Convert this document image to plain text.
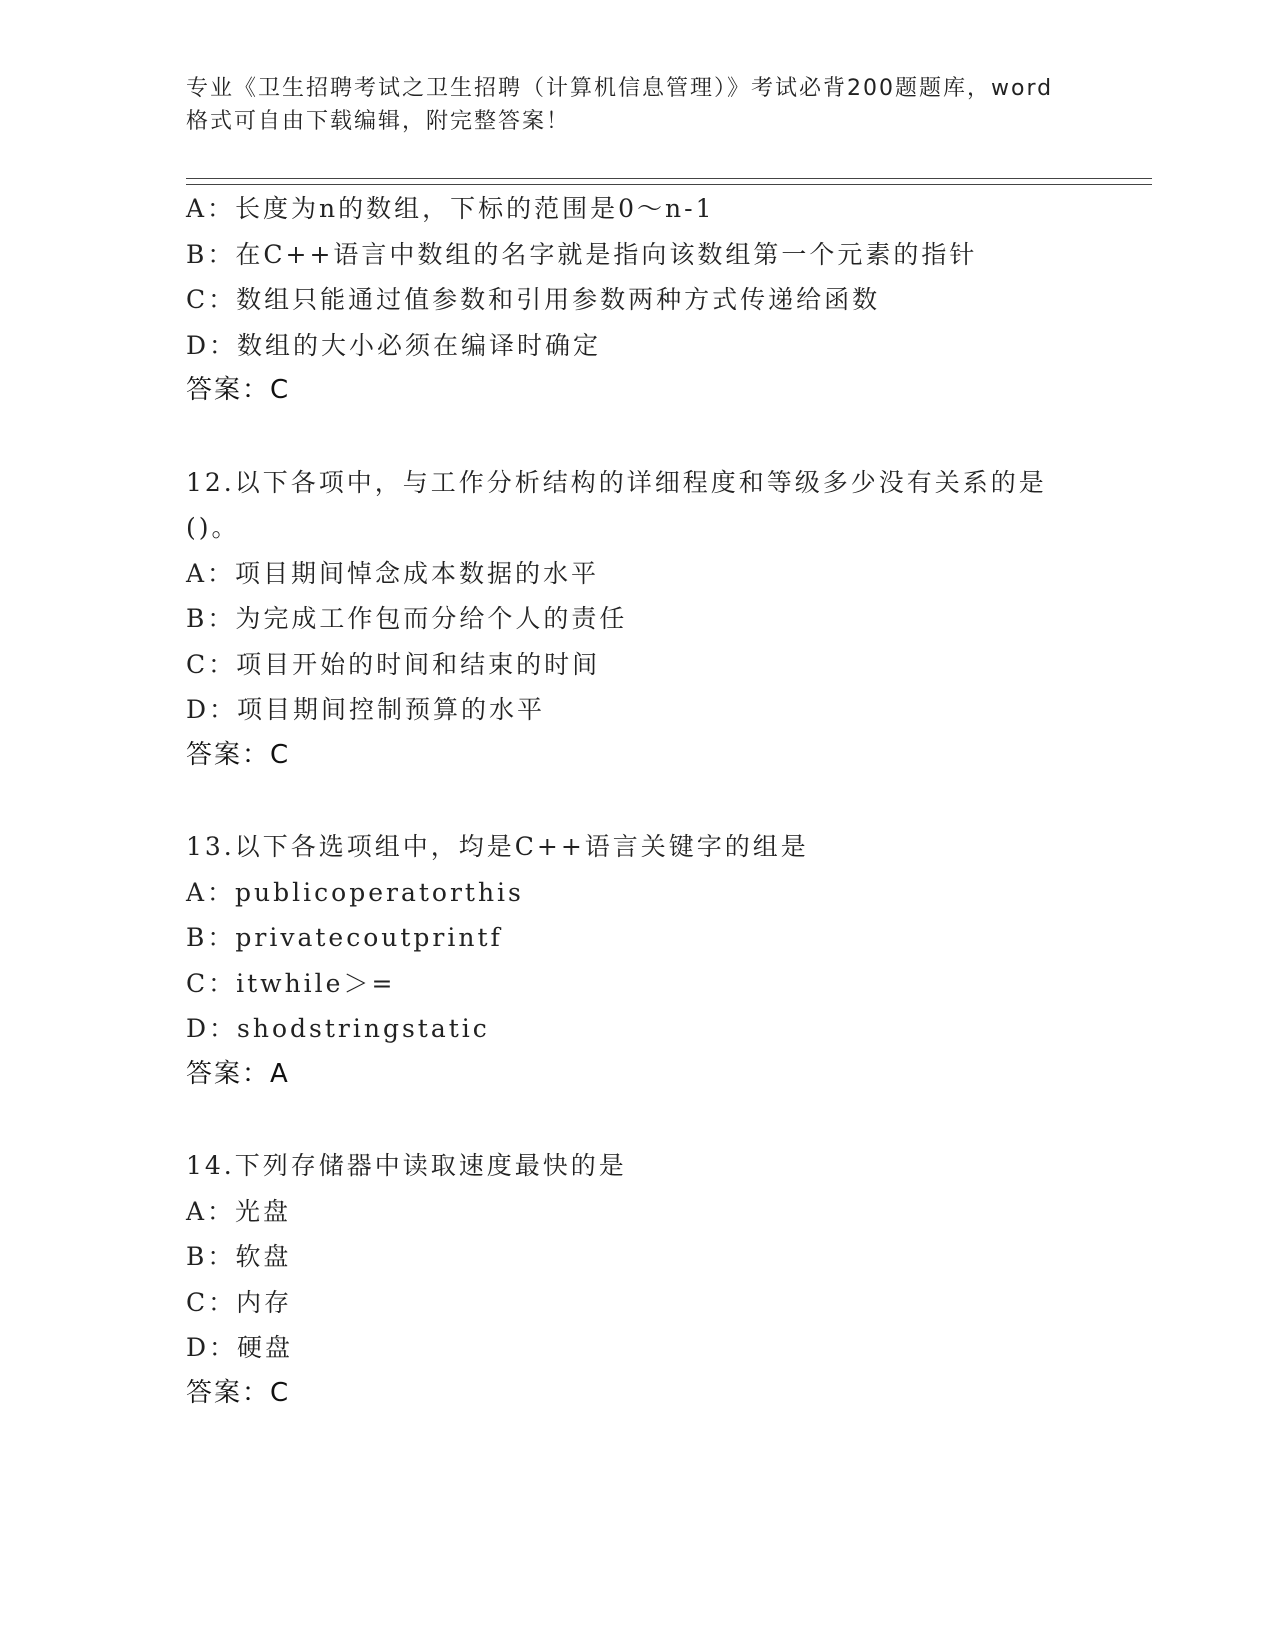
专业《卫生招聘考试之卫生招聘（计算机信息管理）》考试必背200题题库，word
格式可自由下载编辑，附完整答案！
A：长度为n的数组，下标的范围是0～n-1
B：在C++语言中数组的名字就是指向该数组第一个元素的指针
C：数组只能通过值参数和引用参数两种方式传递给函数
D：数组的大小必须在编译时确定
答案：C
12.以下各项中，与工作分析结构的详细程度和等级多少没有关系的是()。
A：项目期间悼念成本数据的水平
B：为完成工作包而分给个人的责任
C：项目开始的时间和结束的时间
D：项目期间控制预算的水平
答案：C
13.以下各选项组中，均是C++语言关键字的组是
A：publicoperatorthis
B：privatecoutprintf
C：itwhile＞=
D：shodstringstatic
答案：A
14.下列存储器中读取速度最快的是
A：光盘
B：软盘
C：内存
D：硬盘
答案：C
